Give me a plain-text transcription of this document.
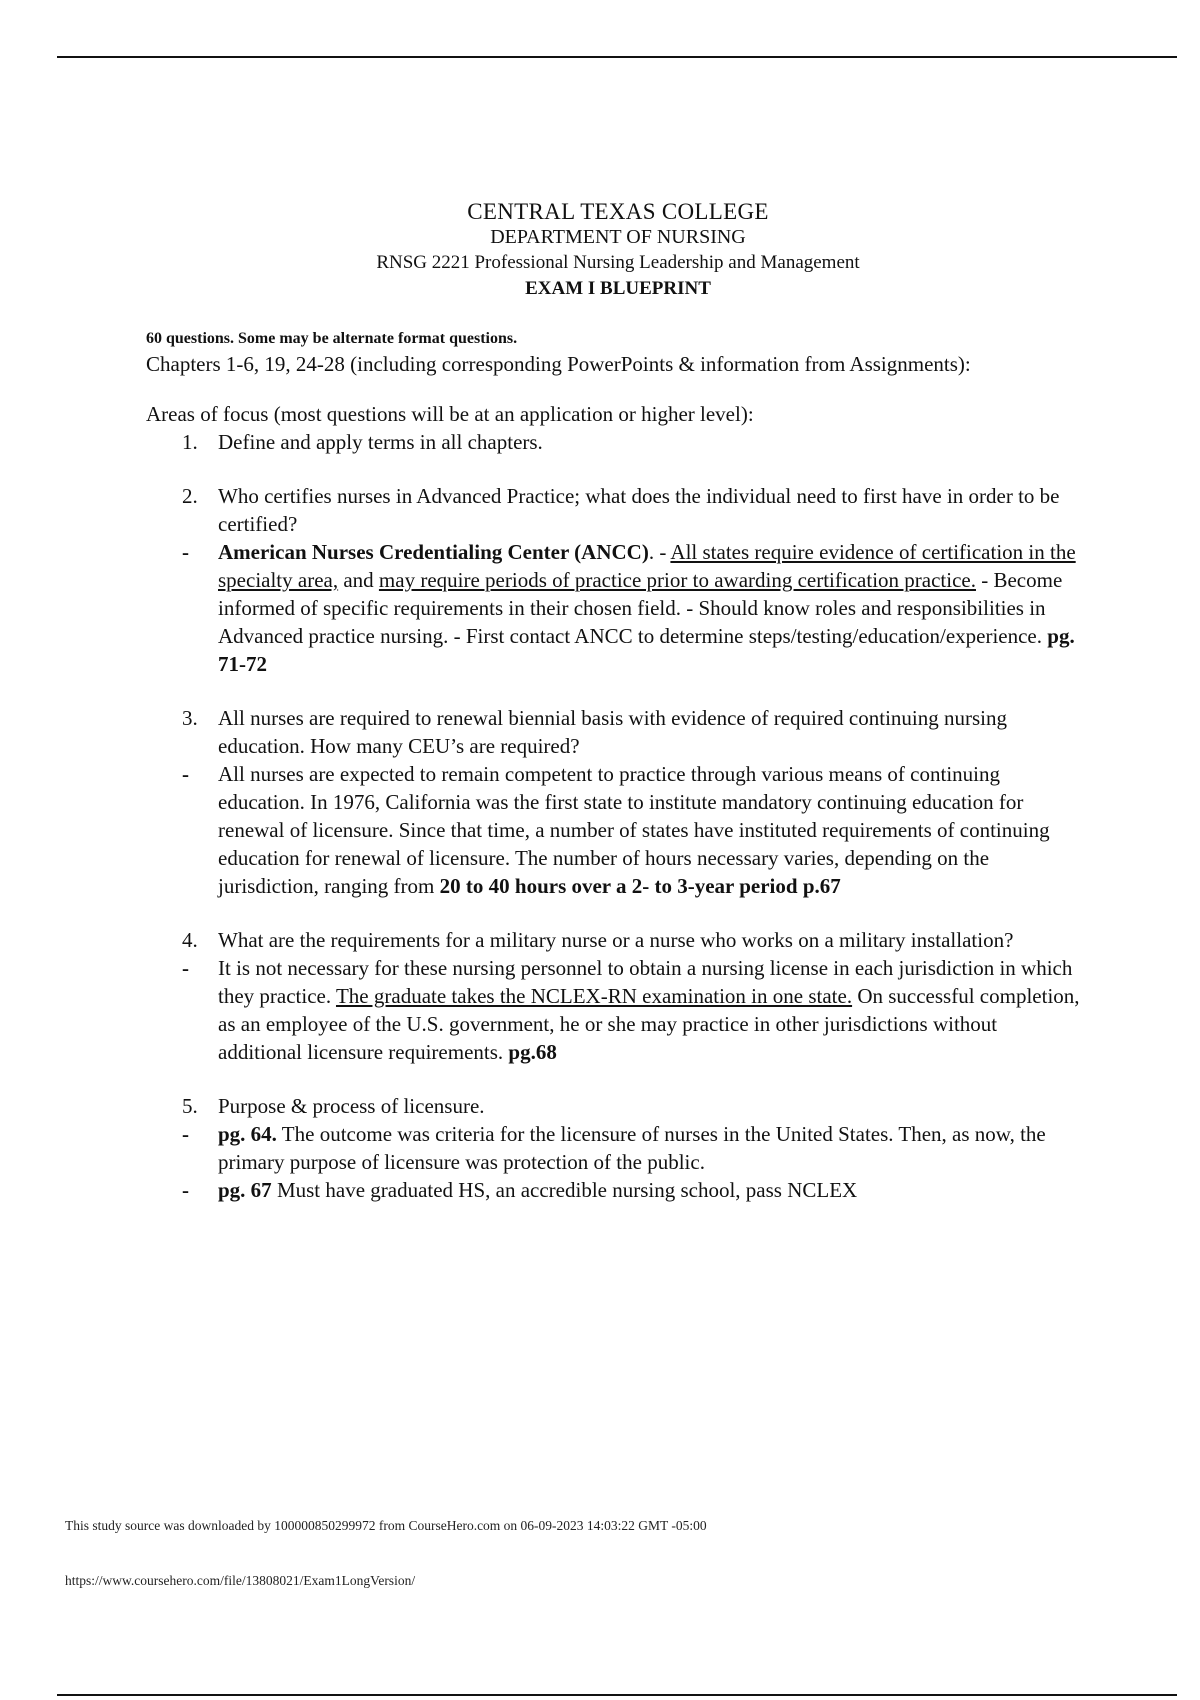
CENTRAL TEXAS COLLEGE
DEPARTMENT OF NURSING
RNSG 2221 Professional Nursing Leadership and Management
EXAM I BLUEPRINT
60 questions. Some may be alternate format questions.
Chapters 1-6, 19, 24-28 (including corresponding PowerPoints & information from Assignments):
Areas of focus (most questions will be at an application or higher level):
1. Define and apply terms in all chapters.
2. Who certifies nurses in Advanced Practice; what does the individual need to first have in order to be certified?
- American Nurses Credentialing Center (ANCC). - All states require evidence of certification in the specialty area, and may require periods of practice prior to awarding certification practice. - Become informed of specific requirements in their chosen field. - Should know roles and responsibilities in Advanced practice nursing. - First contact ANCC to determine steps/testing/education/experience. pg. 71-72
3. All nurses are required to renewal biennial basis with evidence of required continuing nursing education. How many CEU’s are required?
- All nurses are expected to remain competent to practice through various means of continuing education. In 1976, California was the first state to institute mandatory continuing education for renewal of licensure. Since that time, a number of states have instituted requirements of continuing education for renewal of licensure. The number of hours necessary varies, depending on the jurisdiction, ranging from 20 to 40 hours over a 2- to 3-year period p.67
4. What are the requirements for a military nurse or a nurse who works on a military installation?
- It is not necessary for these nursing personnel to obtain a nursing license in each jurisdiction in which they practice. The graduate takes the NCLEX-RN examination in one state. On successful completion, as an employee of the U.S. government, he or she may practice in other jurisdictions without additional licensure requirements. pg.68
5. Purpose & process of licensure.
- pg. 64. The outcome was criteria for the licensure of nurses in the United States. Then, as now, the primary purpose of licensure was protection of the public.
- pg. 67 Must have graduated HS, an accredible nursing school, pass NCLEX
This study source was downloaded by 100000850299972 from CourseHero.com on 06-09-2023 14:03:22 GMT -05:00
https://www.coursehero.com/file/13808021/Exam1LongVersion/
